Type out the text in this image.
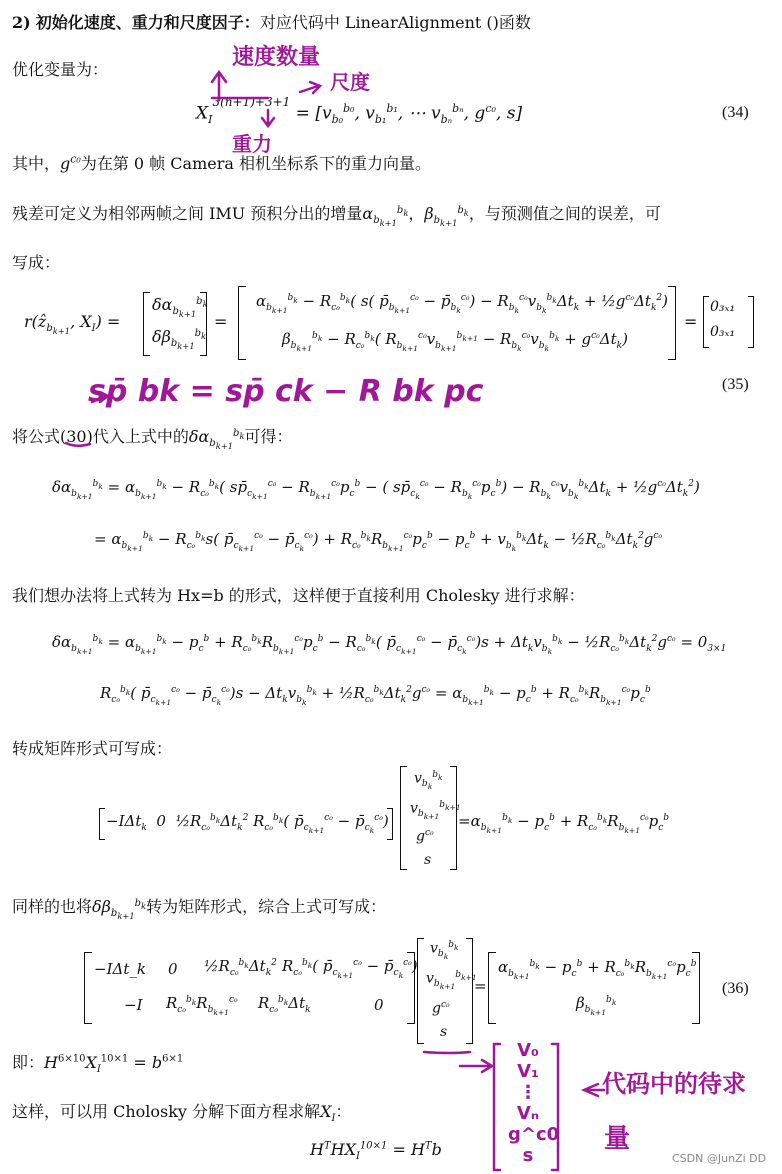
2) 初始化速度、重力和尺度因子：对应代码中 LinearAlignment ()函数
优化变量为：
$X_I^{3(n+1)+3+1} = [v_{b_0}^{b_0}$, $v_{b_1}^{b_1}$, ⋯ $v_{b_n}^{b_n}$, $g^{c_0}$, s]	(34)
速度数量
尺度
重力
其中，$g^{c_0}$为在第 0 帧 Camera 相机坐标系下的重力向量。
残差可定义为相邻两帧之间 IMU 预积分出的增量$\alpha_{b_{k+1}}^{b_k}$，$\beta_{b_{k+1}}^{b_k}$，与预测值之间的误差，可
写成：
r(ẑ$_{b_{k+1}}$, $X_I$) =
$\delta\alpha_{b_{k+1}}^{b_k}$
$\delta\beta_{b_{k+1}}^{b_k}$
=
$\alpha_{b_{k+1}}^{b_k} - R_{c_0}^{b_k}$( s( $p̄_{b_{k+1}}^{c_0}$ − $p̄_{b_k}^{c_0}) - R_{b_k}^{c_0}v_{b_k}^{b_k}\Delta t_k$ + $\frac{1}{2}g^{c_0}\Delta t_k^2$)
$\beta_{b_{k+1}}^{b_k} - R_{c_0}^{b_k}$( $R_{b_{k+1}}^{c_0}v_{b_{k+1}}^{b_{k+1}} - R_{b_k}^{c_0}v_{b_k}^{b_k} + g^{c_0}\Delta t_k$)
=
0₃ₓ₁
0₃ₓ₁
(35)
sp̄ bk = sp̄ ck − R bk pc
将公式(30)代入上式中的$\delta\alpha_{b_{k+1}}^{b_k}$可得：
$\delta\alpha_{b_{k+1}}^{b_k} = \alpha_{b_{k+1}}^{b_k} - R_{c_0}^{b_k}$( $sp̄_{c_{k+1}}^{c_0} - R_{b_{k+1}}^{c_0}p_c^b$ − ( $sp̄_{c_k}^{c_0} - R_{b_k}^{c_0}p_c^b) - R_{b_k}^{c_0}v_{b_k}^{b_k}\Delta t_k$ + $\frac{1}{2}g^{c_0}\Delta t_k^2$)
= $\alpha_{b_{k+1}}^{b_k} - R_{c_0}^{b_k}s$( $p̄_{c_{k+1}}^{c_0}$ − $p̄_{c_k}^{c_0}) + R_{c_0}^{b_k}R_{b_{k+1}}^{c_0}p_c^b - p_c^b + v_{b_k}^{b_k}\Delta t_k$ − $\frac{1}{2}R_{c_0}^{b_k}\Delta t_k^2g^{c_0}$
我们想办法将上式转为 Hx=b 的形式，这样便于直接利用 Cholesky 进行求解：
$\delta\alpha_{b_{k+1}}^{b_k} = \alpha_{b_{k+1}}^{b_k} - p_c^b + R_{c_0}^{b_k}R_{b_{k+1}}^{c_0}p_c^b - R_{c_0}^{b_k}$( $p̄_{c_{k+1}}^{c_0}$ − $p̄_{c_k}^{c_0})s + \Delta t_kv_{b_k}^{b_k}$ − $\frac{1}{2}R_{c_0}^{b_k}\Delta t_k^2g^{c_0} = 0_{3\times 1}$
$R_{c_0}^{b_k}$( $p̄_{c_{k+1}}^{c_0}$ − $p̄_{c_k}^{c_0})s - \Delta t_kv_{b_k}^{b_k}$ + $\frac{1}{2}R_{c_0}^{b_k}\Delta t_k^2g^{c_0} = \alpha_{b_{k+1}}^{b_k} - p_c^b + R_{c_0}^{b_k}R_{b_{k+1}}^{c_0}p_c^b$
转成矩阵形式可写成：
−IΔt$_k$  0  $\frac{1}{2}R_{c_0}^{b_k}\Delta t_k^2$ $R_{c_0}^{b_k}$( $p̄_{c_{k+1}}^{c_0}$ − $p̄_{c_k}^{c_0}$)
$v_{b_k}^{b_k}$
$v_{b_{k+1}}^{b_{k+1}}$
$g^{c_0}$
s
$=\alpha_{b_{k+1}}^{b_k} - p_c^b + R_{c_0}^{b_k}R_{b_{k+1}}^{c_0}p_c^b$
同样的也将$\delta\beta_{b_{k+1}}^{b_k}$转为矩阵形式，综合上式可写成：
−IΔt_k 0 $\frac{1}{2}R_{c_0}^{b_k}\Delta t_k^2$ $R_{c_0}^{b_k}$( $p̄_{c_{k+1}}^{c_0}$ − $p̄_{c_k}^{c_0}$)
−I $R_{c_0}^{b_k}R_{b_{k+1}}^{c_0}$ $R_{c_0}^{b_k}\Delta t_k$	0
$v_{b_k}^{b_k}$
$v_{b_{k+1}}^{b_{k+1}}$
$g^{c_0}$
s
=
$\alpha_{b_{k+1}}^{b_k} - p_c^b + R_{c_0}^{b_k}R_{b_{k+1}}^{c_0}p_c^b$
$\beta_{b_{k+1}}^{b_k}$
(36)
即：$H^{6\times 10}X_I^{10\times 1} = b^{6\times 1}$
这样，可以用 Cholosky 分解下面方程求解$X_I$：
$H^THX_I^{10\times 1} = H^Tb$
V₀
V₁
⋮
Vₙ
g^c0
s
代码中的待求
量
CSDN @JunZi DD
